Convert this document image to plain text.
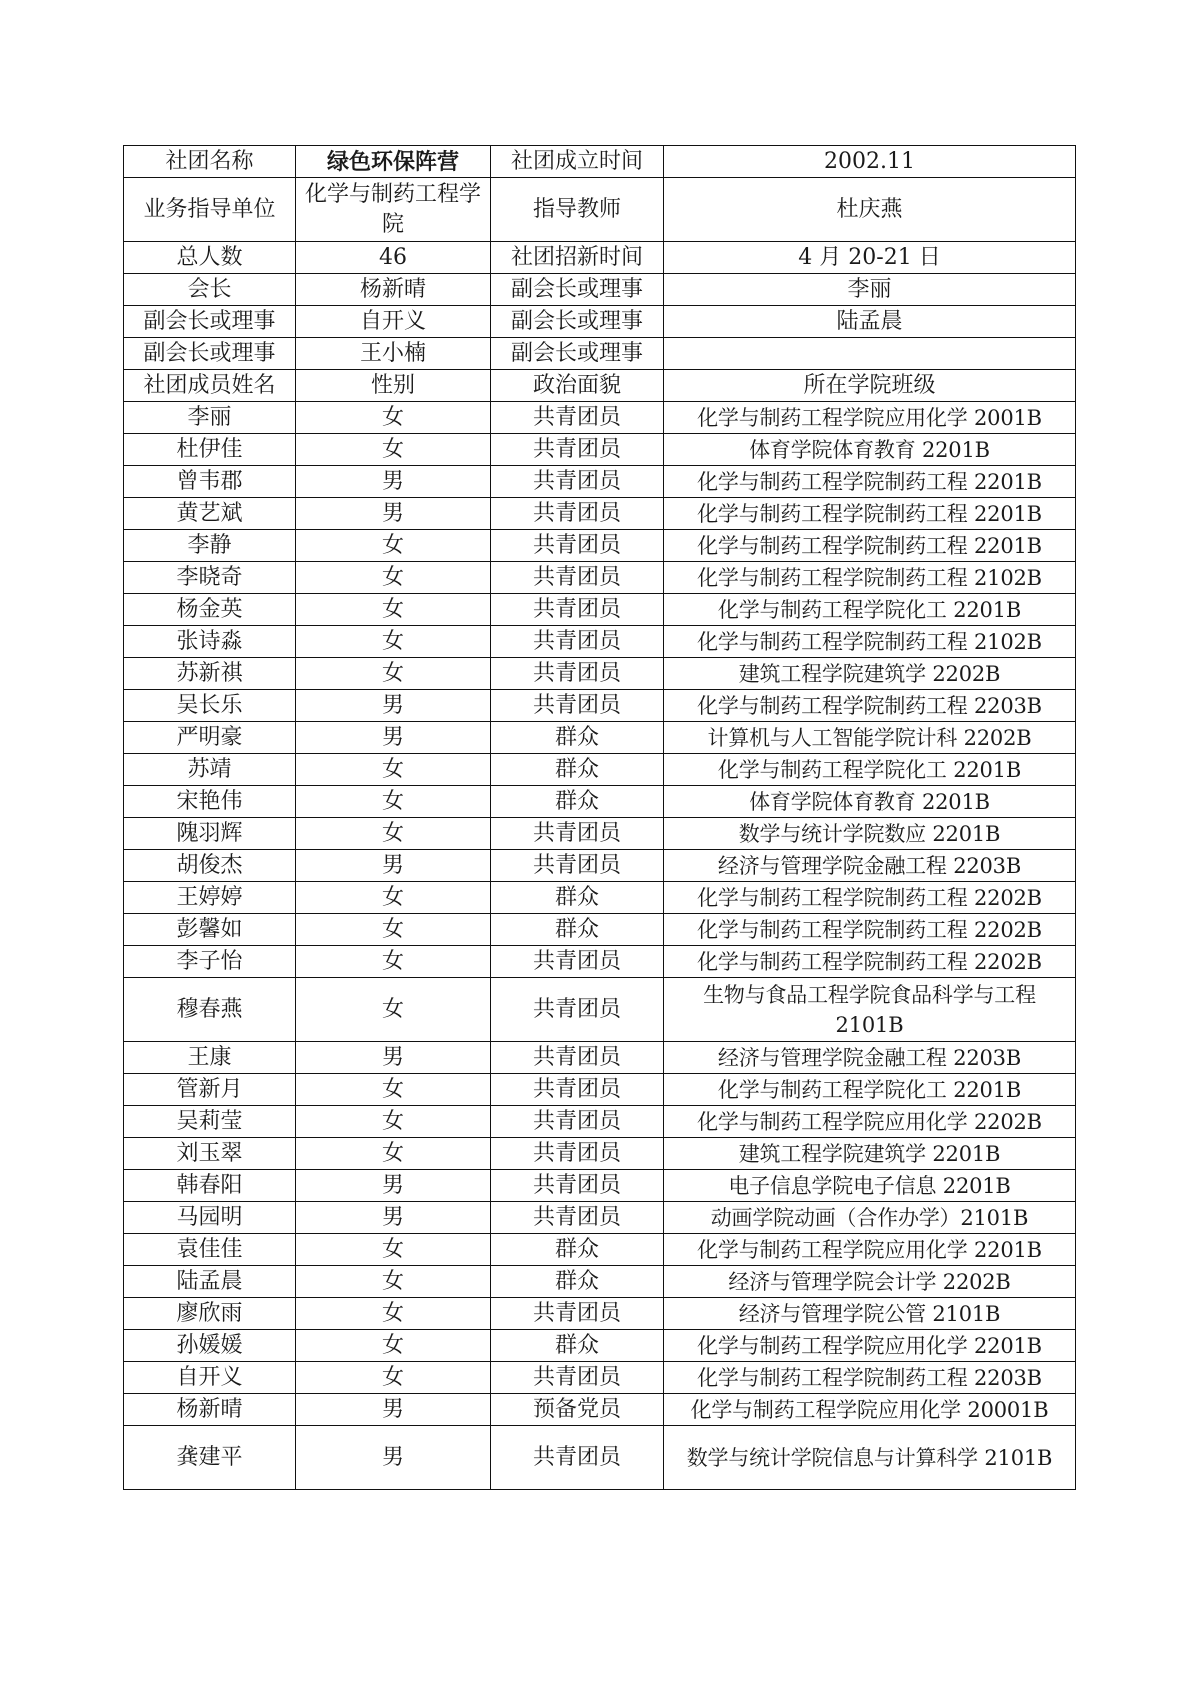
社团名称	绿色环保阵营	社团成立时间	2002.11
业务指导单位	化学与制药工程学院	指导教师	杜庆燕
总人数	46	社团招新时间	4 月 20-21 日
会长	杨新晴	副会长或理事	李丽
副会长或理事	自开义	副会长或理事	陆孟晨
副会长或理事	王小楠	副会长或理事	
社团成员姓名	性别	政治面貌	所在学院班级
李丽	女	共青团员	化学与制药工程学院应用化学 2001B
杜伊佳	女	共青团员	体育学院体育教育 2201B
曾韦郡	男	共青团员	化学与制药工程学院制药工程 2201B
黄艺斌	男	共青团员	化学与制药工程学院制药工程 2201B
李静	女	共青团员	化学与制药工程学院制药工程 2201B
李晓奇	女	共青团员	化学与制药工程学院制药工程 2102B
杨金英	女	共青团员	化学与制药工程学院化工 2201B
张诗淼	女	共青团员	化学与制药工程学院制药工程 2102B
苏新祺	女	共青团员	建筑工程学院建筑学 2202B
吴长乐	男	共青团员	化学与制药工程学院制药工程 2203B
严明豪	男	群众	计算机与人工智能学院计科 2202B
苏靖	女	群众	化学与制药工程学院化工 2201B
宋艳伟	女	群众	体育学院体育教育 2201B
隗羽辉	女	共青团员	数学与统计学院数应 2201B
胡俊杰	男	共青团员	经济与管理学院金融工程 2203B
王婷婷	女	群众	化学与制药工程学院制药工程 2202B
彭馨如	女	群众	化学与制药工程学院制药工程 2202B
李子怡	女	共青团员	化学与制药工程学院制药工程 2202B
穆春燕	女	共青团员	生物与食品工程学院食品科学与工程 2101B
王康	男	共青团员	经济与管理学院金融工程 2203B
管新月	女	共青团员	化学与制药工程学院化工 2201B
吴莉莹	女	共青团员	化学与制药工程学院应用化学 2202B
刘玉翠	女	共青团员	建筑工程学院建筑学 2201B
韩春阳	男	共青团员	电子信息学院电子信息 2201B
马园明	男	共青团员	动画学院动画（合作办学）2101B
袁佳佳	女	群众	化学与制药工程学院应用化学 2201B
陆孟晨	女	群众	经济与管理学院会计学 2202B
廖欣雨	女	共青团员	经济与管理学院公管 2101B
孙媛媛	女	群众	化学与制药工程学院应用化学 2201B
自开义	女	共青团员	化学与制药工程学院制药工程 2203B
杨新晴	男	预备党员	化学与制药工程学院应用化学 20001B
龚建平	男	共青团员	数学与统计学院信息与计算科学 2101B
